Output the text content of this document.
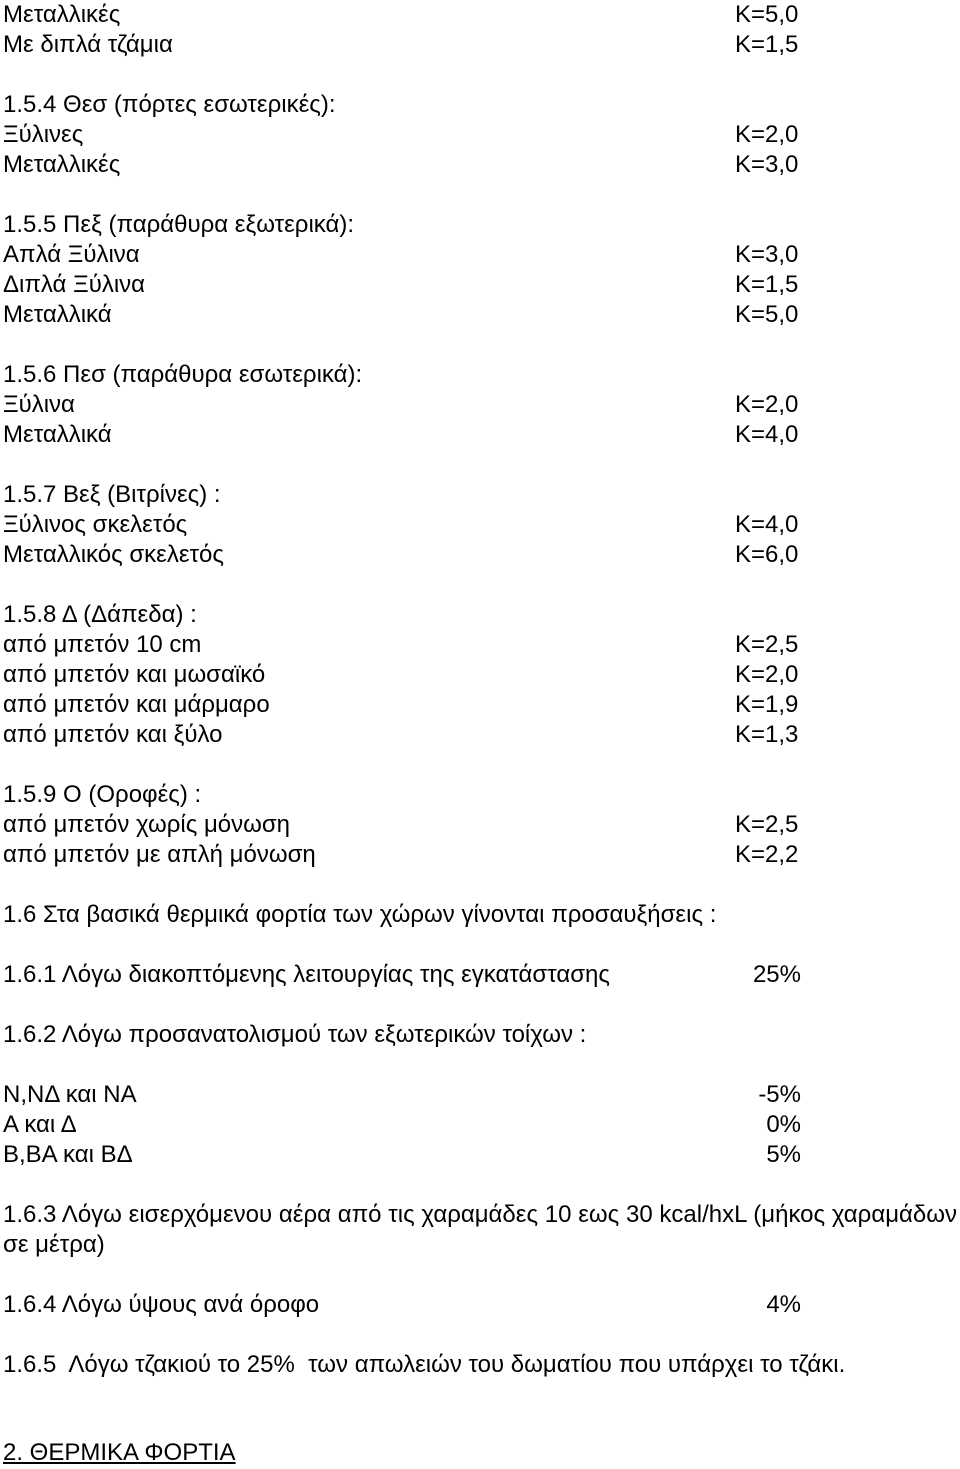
Μεταλλικές	Κ=5,0
Με διπλά τζάμια	Κ=1,5
1.5.4 Θεσ (πόρτες εσωτερικές):
Ξύλινες	Κ=2,0
Μεταλλικές	Κ=3,0
1.5.5 Πεξ (παράθυρα εξωτερικά):
Απλά Ξύλινα	Κ=3,0
Διπλά Ξύλινα	Κ=1,5
Μεταλλικά	Κ=5,0
1.5.6 Πεσ (παράθυρα εσωτερικά):
Ξύλινα	Κ=2,0
Μεταλλικά	Κ=4,0
1.5.7 Βεξ (Βιτρίνες) :
Ξύλινος σκελετός	Κ=4,0
Μεταλλικός σκελετός	Κ=6,0
1.5.8 Δ (Δάπεδα) :
από μπετόν 10 cm	Κ=2,5
από μπετόν και μωσαϊκό	Κ=2,0
από μπετόν και μάρμαρο	Κ=1,9
από μπετόν και ξύλο	Κ=1,3
1.5.9 Ο (Οροφές) :
από μπετόν χωρίς μόνωση	Κ=2,5
από μπετόν με απλή μόνωση	Κ=2,2
1.6 Στα βασικά θερμικά φορτία των χώρων γίνονται προσαυξήσεις :
1.6.1 Λόγω διακοπτόμενης λειτουργίας της εγκατάστασης	25%
1.6.2 Λόγω προσανατολισμού των εξωτερικών τοίχων :
Ν,ΝΔ και ΝΑ	-5%
Α και Δ	0%
Β,ΒΑ και ΒΔ	5%
1.6.3 Λόγω εισερχόμενου αέρα από τις χαραμάδες 10 εως 30 kcal/hxL (μήκος χαραμάδων σε μέτρα)
1.6.4 Λόγω ύψους ανά όροφο	4%
1.6.5  Λόγω τζακιού το 25%  των απωλειών του δωματίου που υπάρχει το τζάκι.
2. ΘΕΡΜΙΚΑ ΦΟΡΤΙΑ
